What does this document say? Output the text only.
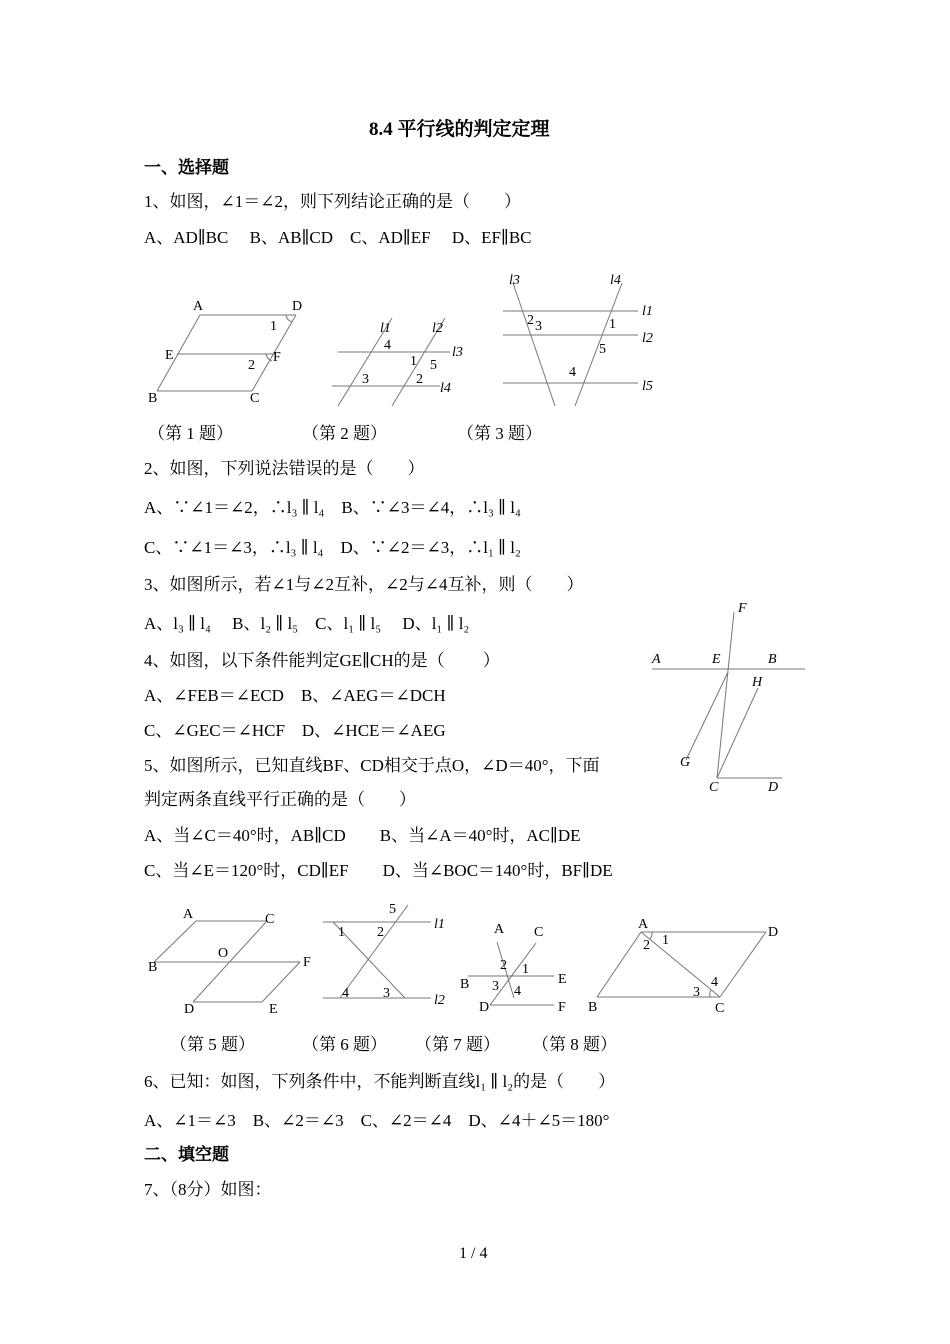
8.4 平行线的判定定理
一、选择题
1、如图，∠1＝∠2，则下列结论正确的是（　　）
A、AD∥BC　 B、AB∥CD　C、AD∥EF　 D、EF∥BC
（第 1 题）	（第 2 题）	（第 3 题）
2、如图，下列说法错误的是（　　）
A、∵∠1＝∠2，∴l₃ ∥ l₄　B、∵∠3＝∠4，∴l₃ ∥ l₄
C、∵∠1＝∠3，∴l₃ ∥ l₄　D、∵∠2＝∠3，∴l₁ ∥ l₂
3、如图所示，若∠1与∠2互补，∠2与∠4互补，则（　　）
A、l₃ ∥ l₄　 B、l₂ ∥ l₅　C、l₁ ∥ l₅　 D、l₁ ∥ l₂
4、如图，以下条件能判定GE∥CH的是（　　 ）
A、∠FEB＝∠ECD　B、∠AEG＝∠DCH
C、∠GEC＝∠HCF　D、∠HCE＝∠AEG
5、如图所示，已知直线BF、CD相交于点O，∠D＝40°，下面
判定两条直线平行正确的是（　　）
A、当∠C＝40°时，AB∥CD　　B、当∠A＝40°时，AC∥DE
C、当∠E＝120°时，CD∥EF　　D、当∠BOC＝140°时，BF∥DE
（第 5 题）	（第 6 题） （第 7 题） （第 8 题）
6、已知：如图，下列条件中，不能判断直线l₁ ∥ l₂的是（　　）
A、∠1＝∠3　B、∠2＝∠3　C、∠2＝∠4　D、∠4＋∠5＝180°
二、填空题
7、（8分）如图：
1 / 4
A	D
1
E	F
2
B	C
l1	l2
4
1 5
l3
3	2
l4
l3	l4
l1
2 3	1
l2
5
4
l5
F
A	E	B
H
G
C	D
A	C
O
B	F
D	E
5
1 2
l1
4 3	l2
A C
2 1
E
B 3 4
D	F
A
D
2 1
4
3
B	C
